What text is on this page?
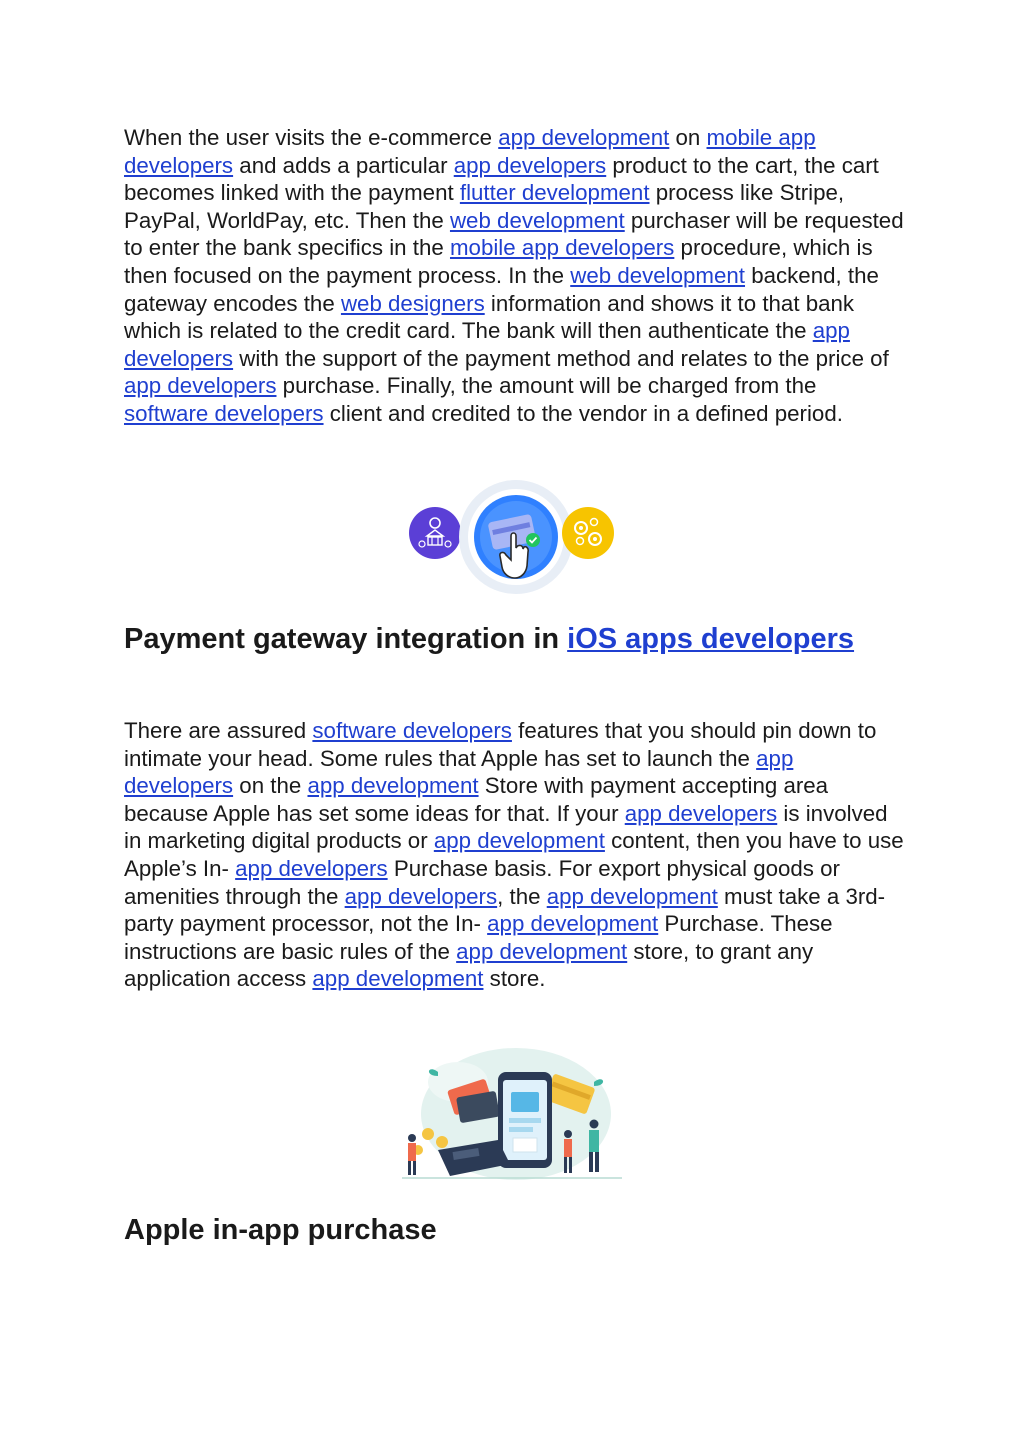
When the user visits the e-commerce app development on mobile app developers and adds a particular app developers product to the cart, the cart becomes linked with the payment flutter development process like Stripe, PayPal, WorldPay, etc. Then the web development purchaser will be requested to enter the bank specifics in the mobile app developers procedure, which is then focused on the payment process. In the web development backend, the gateway encodes the web designers information and shows it to that bank which is related to the credit card. The bank will then authenticate the app developers with the support of the payment method and relates to the price of app developers purchase. Finally, the amount will be charged from the software developers client and credited to the vendor in a defined period.

Payment gateway integration in iOS apps developers

There are assured software developers features that you should pin down to intimate your head. Some rules that Apple has set to launch the app developers on the app development Store with payment accepting area because Apple has set some ideas for that. If your app developers is involved in marketing digital products or app development content, then you have to use Apple’s In- app developers Purchase basis. For export physical goods or amenities through the app developers, the app development must take a 3rd-party payment processor, not the In- app development Purchase. These instructions are basic rules of the app development store, to grant any application access app development store.

Apple in-app purchase
